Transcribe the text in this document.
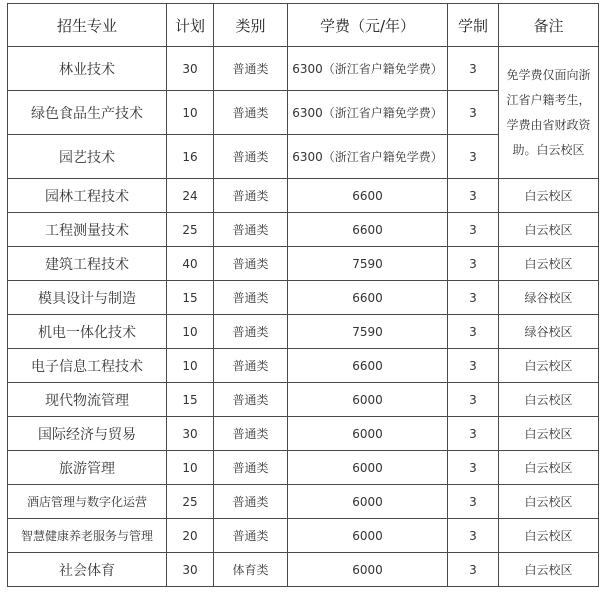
招生专业	计划	类别	学费（元/年）	学制	备注
林业技术	30	普通类	6300（浙江省户籍免学费）	3	免学费仅面向浙江省户籍考生，学费由省财政资助。白云校区
绿色食品生产技术	10	普通类	6300（浙江省户籍免学费）	3	
园艺技术	16	普通类	6300（浙江省户籍免学费）	3	
园林工程技术	24	普通类	6600	3	白云校区
工程测量技术	25	普通类	6600	3	白云校区
建筑工程技术	40	普通类	7590	3	白云校区
模具设计与制造	15	普通类	6600	3	绿谷校区
机电一体化技术	10	普通类	7590	3	绿谷校区
电子信息工程技术	10	普通类	6600	3	白云校区
现代物流管理	15	普通类	6000	3	白云校区
国际经济与贸易	30	普通类	6000	3	白云校区
旅游管理	10	普通类	6000	3	白云校区
酒店管理与数字化运营	25	普通类	6000	3	白云校区
智慧健康养老服务与管理	20	普通类	6000	3	白云校区
社会体育	30	体育类	6000	3	白云校区
